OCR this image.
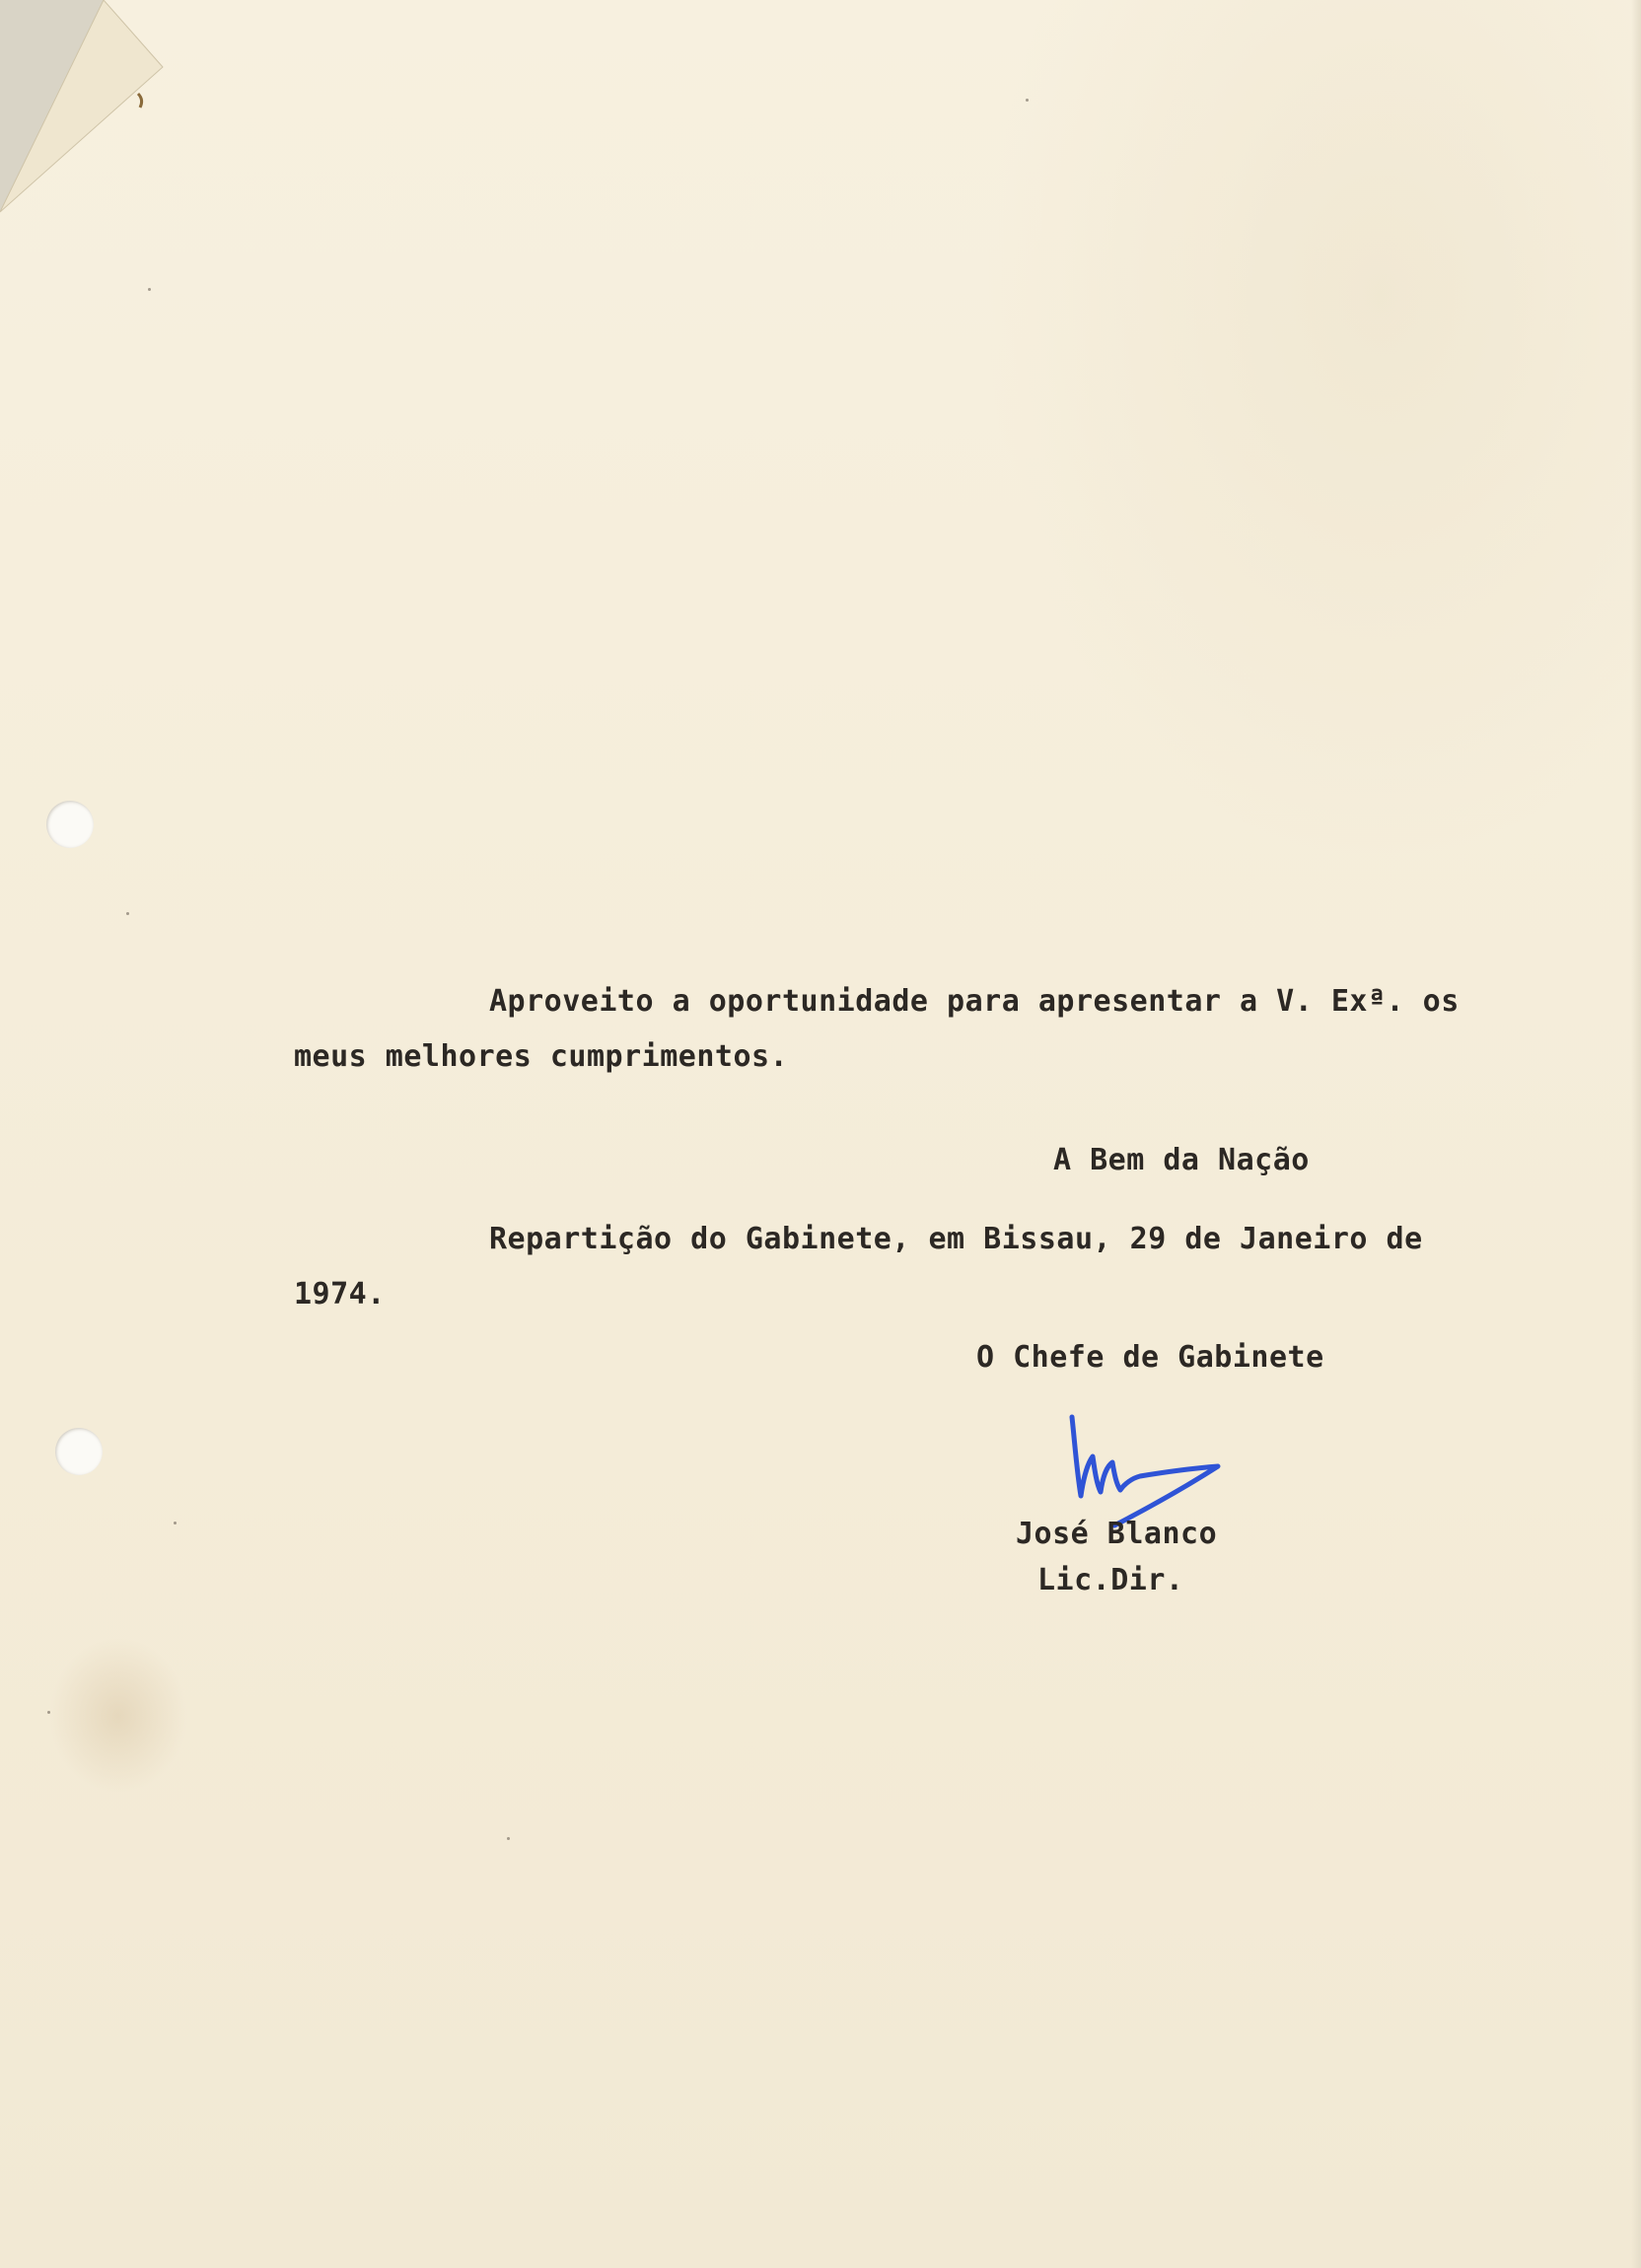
Aproveito a oportunidade para apresentar a V. Exª. os

meus melhores cumprimentos.

A Bem da Nação

Repartição do Gabinete, em Bissau, 29 de Janeiro de

1974.

O Chefe de Gabinete

José Blanco

Lic.Dir.
